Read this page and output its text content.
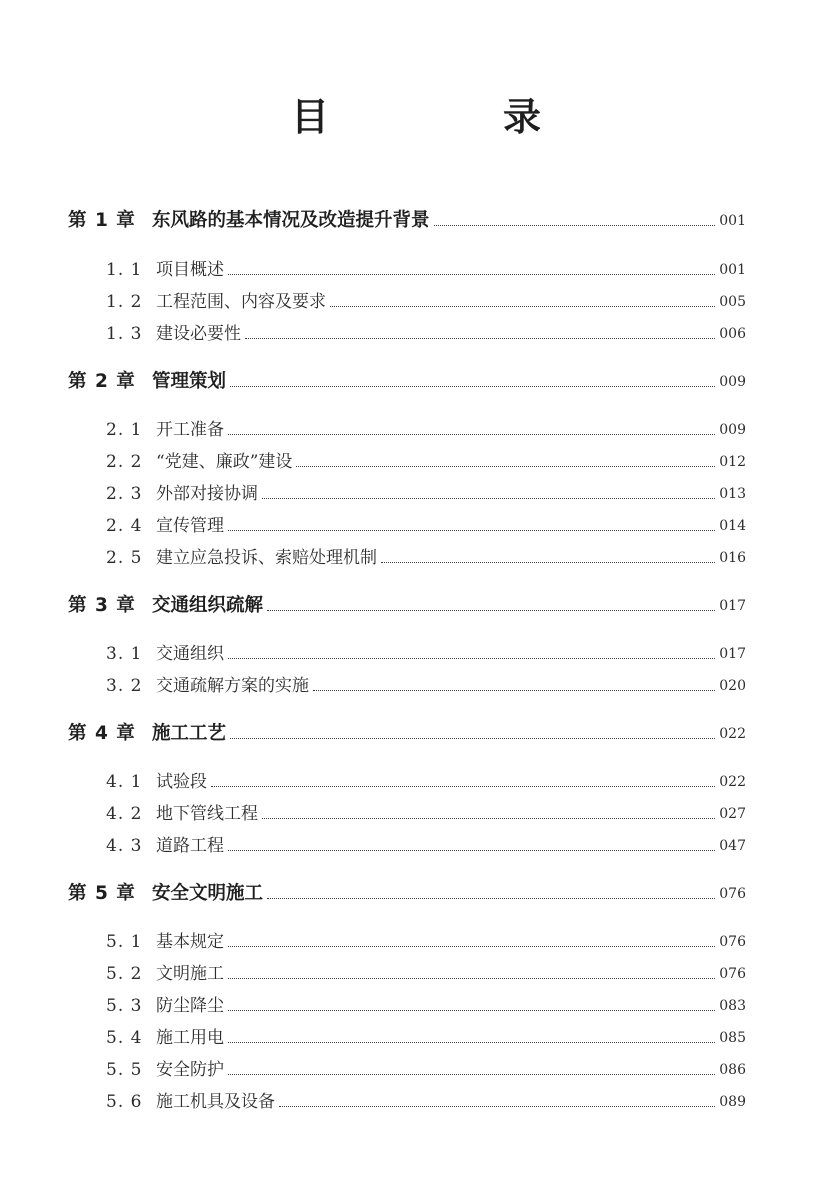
目　录
第 1 章 东风路的基本情况及改造提升背景	001
1. 1 项目概述	001
1. 2 工程范围、内容及要求	005
1. 3 建设必要性	006
第 2 章 管理策划	009
2. 1 开工准备	009
2. 2 “党建、廉政”建设	012
2. 3 外部对接协调	013
2. 4 宣传管理	014
2. 5 建立应急投诉、索赔处理机制	016
第 3 章 交通组织疏解	017
3. 1 交通组织	017
3. 2 交通疏解方案的实施	020
第 4 章 施工工艺	022
4. 1 试验段	022
4. 2 地下管线工程	027
4. 3 道路工程	047
第 5 章 安全文明施工	076
5. 1 基本规定	076
5. 2 文明施工	076
5. 3 防尘降尘	083
5. 4 施工用电	085
5. 5 安全防护	086
5. 6 施工机具及设备	089
